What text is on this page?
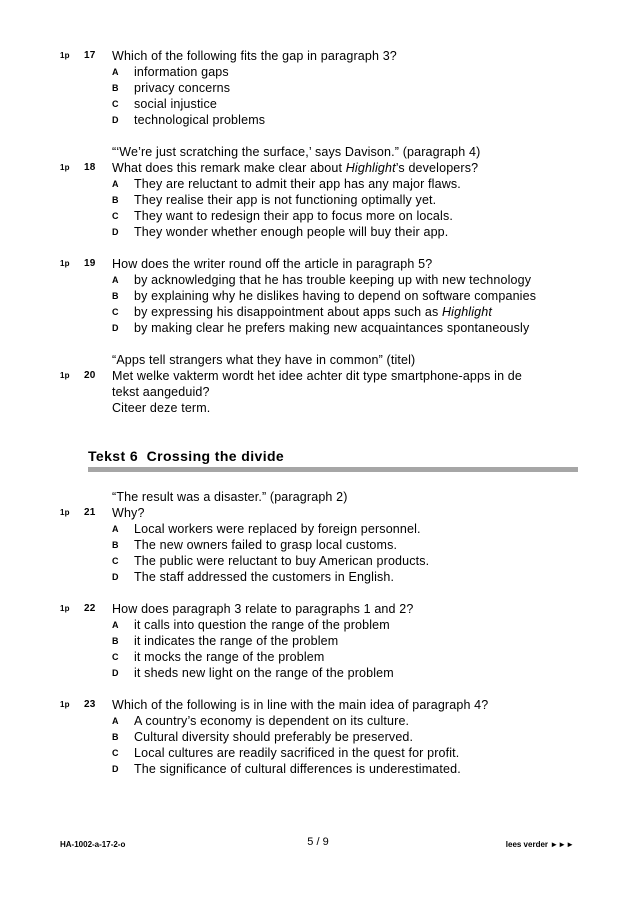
1p 17 Which of the following fits the gap in paragraph 3?
A information gaps
B privacy concerns
C social injustice
D technological problems
“‘We’re just scratching the surface,’ says Davison.” (paragraph 4)
1p 18 What does this remark make clear about Highlight’s developers?
A They are reluctant to admit their app has any major flaws.
B They realise their app is not functioning optimally yet.
C They want to redesign their app to focus more on locals.
D They wonder whether enough people will buy their app.
1p 19 How does the writer round off the article in paragraph 5?
A by acknowledging that he has trouble keeping up with new technology
B by explaining why he dislikes having to depend on software companies
C by expressing his disappointment about apps such as Highlight
D by making clear he prefers making new acquaintances spontaneously
“Apps tell strangers what they have in common” (titel)
1p 20 Met welke vakterm wordt het idee achter dit type smartphone-apps in de
tekst aangeduid?
Citeer deze term.
Tekst 6 Crossing the divide
“The result was a disaster.” (paragraph 2)
1p 21 Why?
A Local workers were replaced by foreign personnel.
B The new owners failed to grasp local customs.
C The public were reluctant to buy American products.
D The staff addressed the customers in English.
1p 22 How does paragraph 3 relate to paragraphs 1 and 2?
A it calls into question the range of the problem
B it indicates the range of the problem
C it mocks the range of the problem
D it sheds new light on the range of the problem
1p 23 Which of the following is in line with the main idea of paragraph 4?
A A country’s economy is dependent on its culture.
B Cultural diversity should preferably be preserved.
C Local cultures are readily sacrificed in the quest for profit.
D The significance of cultural differences is underestimated.
HA-1002-a-17-2-o	5 / 9	lees verder ►►►
